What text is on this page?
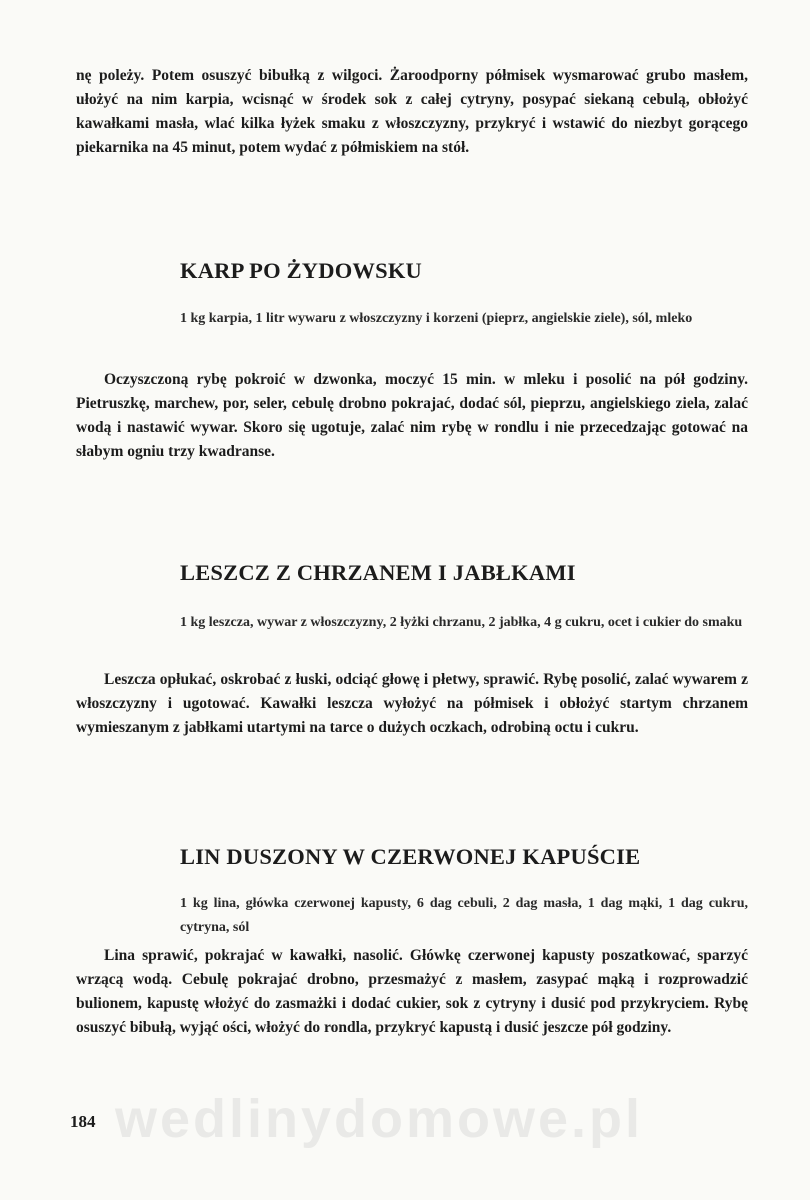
nę poleży. Potem osuszyć bibułką z wilgoci. Żaroodporny półmisek wysmarować grubo masłem, ułożyć na nim karpia, wcisnąć w środek sok z całej cytryny, posypać siekaną cebulą, obłożyć kawałkami masła, wlać kilka łyżek smaku z włoszczyzny, przykryć i wstawić do niezbyt gorącego piekarnika na 45 minut, potem wydać z półmiskiem na stół.

KARP PO ŻYDOWSKU

1 kg karpia, 1 litr wywaru z włoszczyzny i korzeni (pieprz, angielskie ziele), sól, mleko

Oczyszczoną rybę pokroić w dzwonka, moczyć 15 min. w mleku i posolić na pół godziny. Pietruszkę, marchew, por, seler, cebulę drobno pokrajać, dodać sól, pieprzu, angielskiego ziela, zalać wodą i nastawić wywar. Skoro się ugotuje, zalać nim rybę w rondlu i nie przecedzając gotować na słabym ogniu trzy kwadranse.

LESZCZ Z CHRZANEM I JABŁKAMI

1 kg leszcza, wywar z włoszczyzny, 2 łyżki chrzanu, 2 jabłka, 4 g cukru, ocet i cukier do smaku

Leszcza opłukać, oskrobać z łuski, odciąć głowę i płetwy, sprawić. Rybę posolić, zalać wywarem z włoszczyzny i ugotować. Kawałki leszcza wyłożyć na półmisek i obłożyć startym chrzanem wymieszanym z jabłkami utartymi na tarce o dużych oczkach, odrobiną octu i cukru.

LIN DUSZONY W CZERWONEJ KAPUŚCIE

1 kg lina, główka czerwonej kapusty, 6 dag cebuli, 2 dag masła, 1 dag mąki, 1 dag cukru, cytryna, sól

Lina sprawić, pokrajać w kawałki, nasolić. Główkę czerwonej kapusty poszatkować, sparzyć wrzącą wodą. Cebulę pokrajać drobno, przesmażyć z masłem, zasypać mąką i rozprowadzić bulionem, kapustę włożyć do zasmażki i dodać cukier, sok z cytryny i dusić pod przykryciem. Rybę osuszyć bibułą, wyjąć ości, włożyć do rondla, przykryć kapustą i dusić jeszcze pół godziny.

wedlinydomowe.pl
184
